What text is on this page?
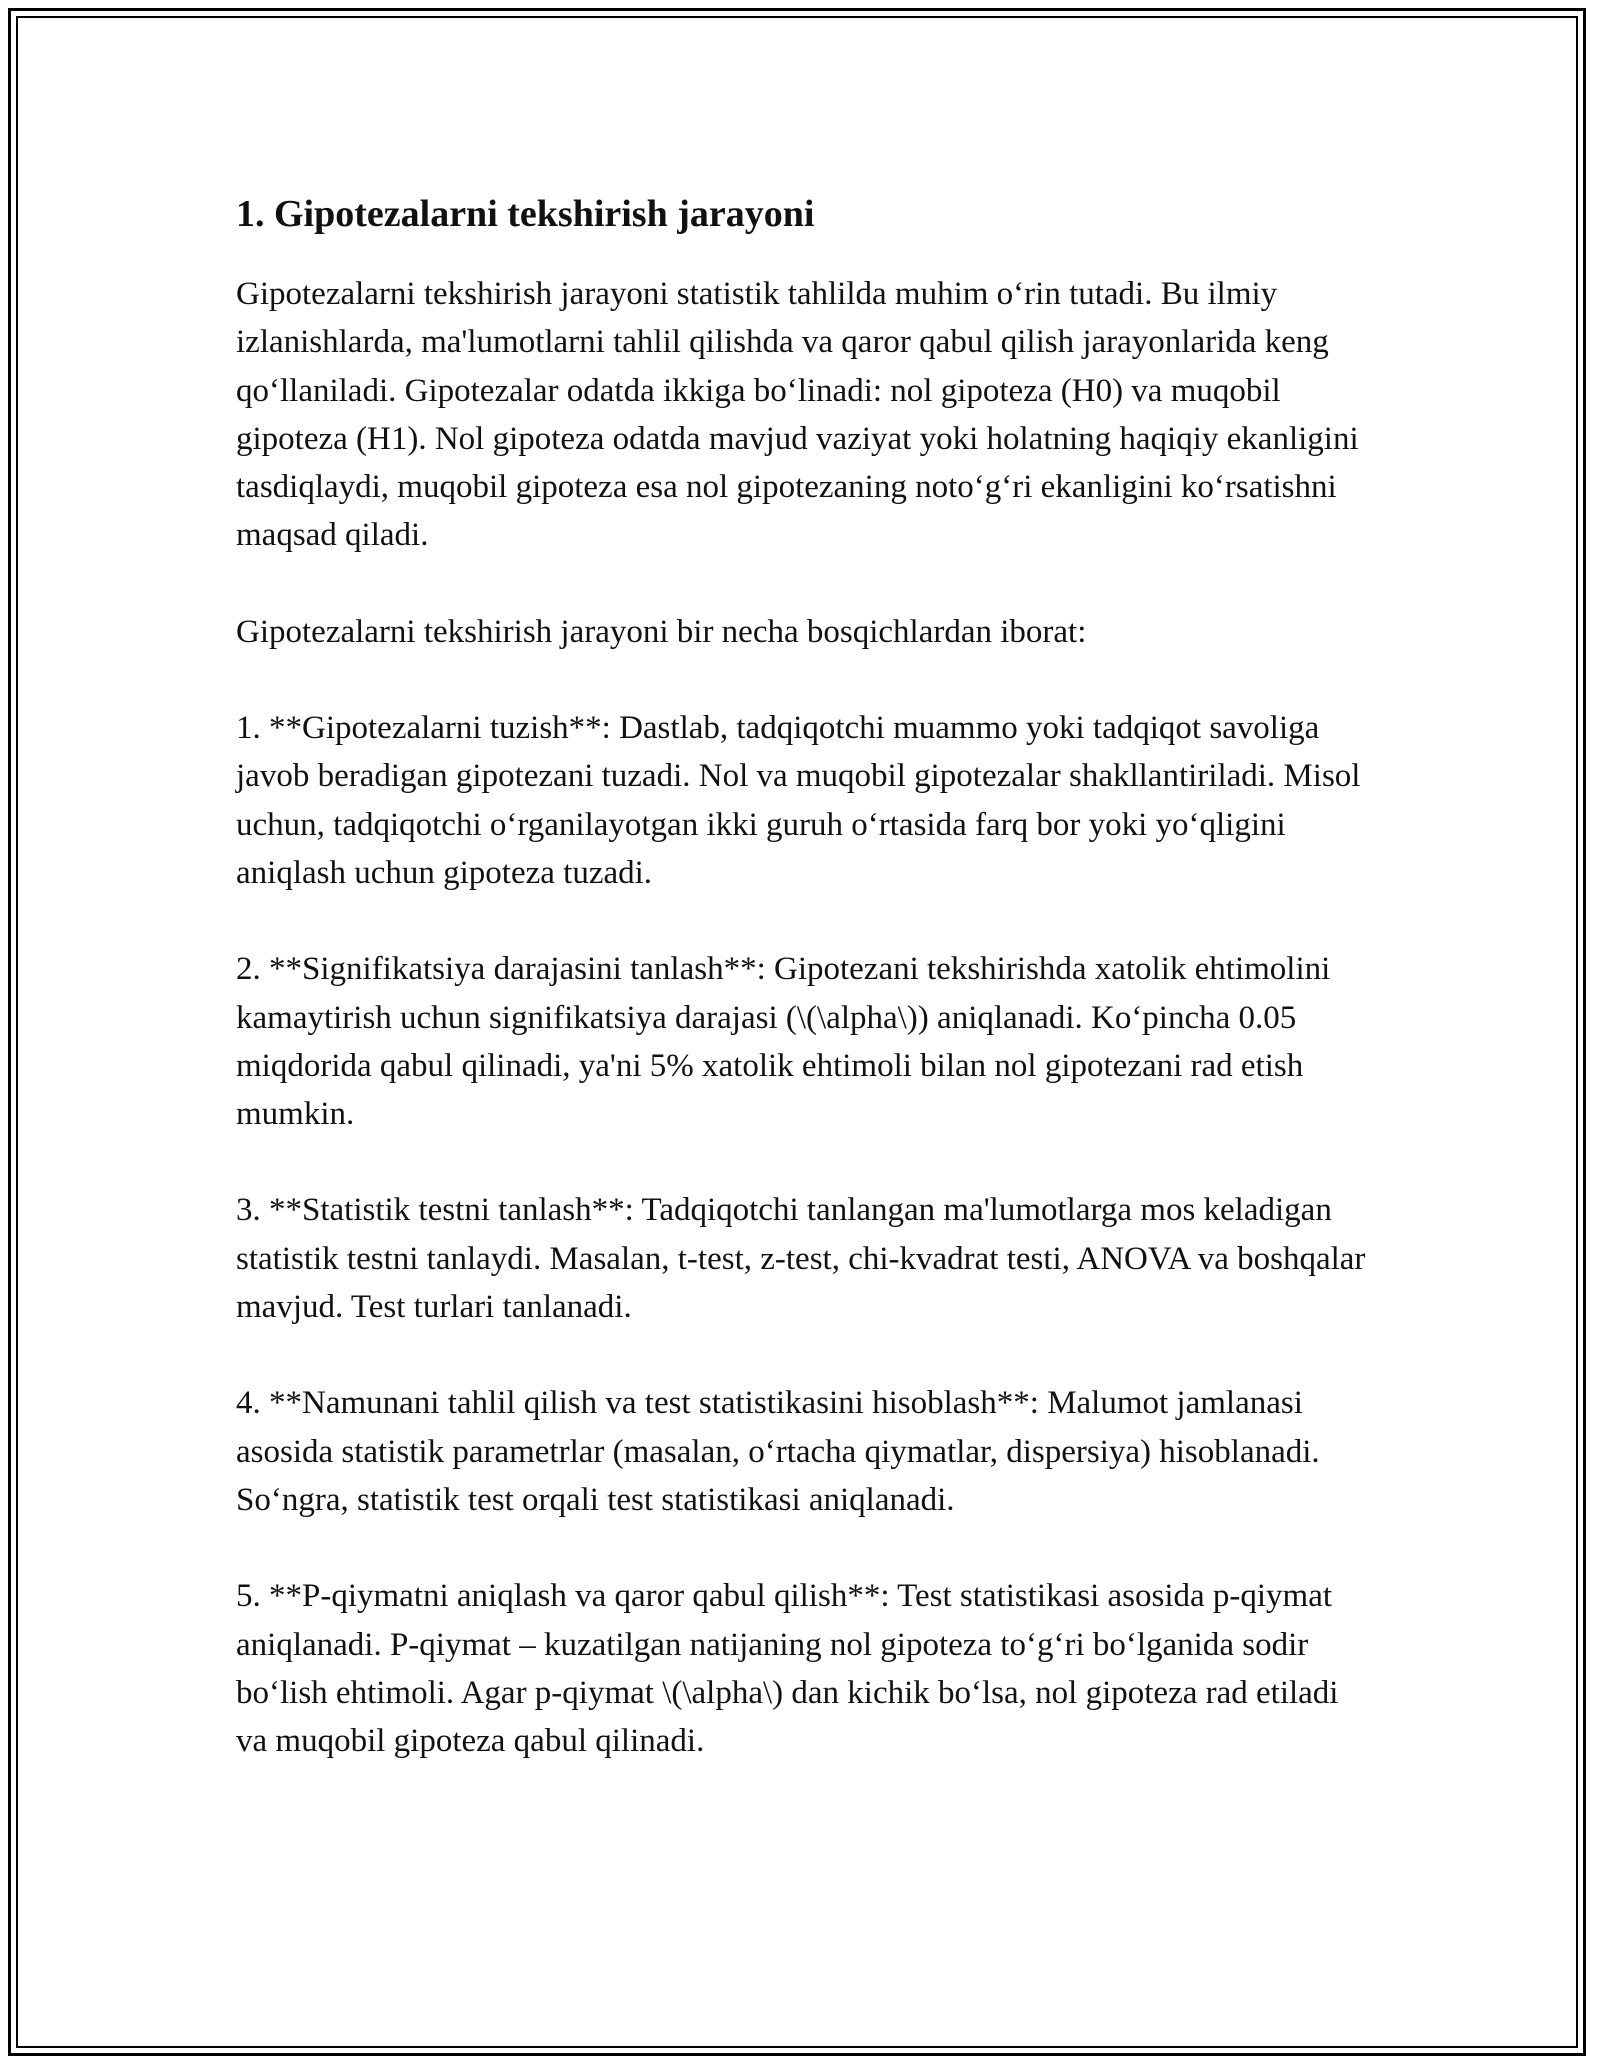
1. Gipotezalarni tekshirish jarayoni

Gipotezalarni tekshirish jarayoni statistik tahlilda muhim o‘rin tutadi. Bu ilmiy izlanishlarda, ma'lumotlarni tahlil qilishda va qaror qabul qilish jarayonlarida keng qo‘llaniladi. Gipotezalar odatda ikkiga bo‘linadi: nol gipoteza (H0) va muqobil gipoteza (H1). Nol gipoteza odatda mavjud vaziyat yoki holatning haqiqiy ekanligini tasdiqlaydi, muqobil gipoteza esa nol gipotezaning noto‘g‘ri ekanligini ko‘rsatishni maqsad qiladi.

Gipotezalarni tekshirish jarayoni bir necha bosqichlardan iborat:

1. **Gipotezalarni tuzish**: Dastlab, tadqiqotchi muammo yoki tadqiqot savoliga javob beradigan gipotezani tuzadi. Nol va muqobil gipotezalar shakllantiriladi. Misol uchun, tadqiqotchi o‘rganilayotgan ikki guruh o‘rtasida farq bor yoki yo‘qligini aniqlash uchun gipoteza tuzadi.

2. **Signifikatsiya darajasini tanlash**: Gipotezani tekshirishda xatolik ehtimolini kamaytirish uchun signifikatsiya darajasi (\(\alpha\)) aniqlanadi. Ko‘pincha 0.05 miqdorida qabul qilinadi, ya'ni 5% xatolik ehtimoli bilan nol gipotezani rad etish mumkin.

3. **Statistik testni tanlash**: Tadqiqotchi tanlangan ma'lumotlarga mos keladigan statistik testni tanlaydi. Masalan, t-test, z-test, chi-kvadrat testi, ANOVA va boshqalar mavjud. Test turlari tanlanadi.

4. **Namunani tahlil qilish va test statistikasini hisoblash**: Malumot jamlanasi asosida statistik parametrlar (masalan, o‘rtacha qiymatlar, dispersiya) hisoblanadi. So‘ngra, statistik test orqali test statistikasi aniqlanadi.

5. **P-qiymatni aniqlash va qaror qabul qilish**: Test statistikasi asosida p-qiymat aniqlanadi. P-qiymat – kuzatilgan natijaning nol gipoteza to‘g‘ri bo‘lganida sodir bo‘lish ehtimoli. Agar p-qiymat \(\alpha\) dan kichik bo‘lsa, nol gipoteza rad etiladi va muqobil gipoteza qabul qilinadi.
